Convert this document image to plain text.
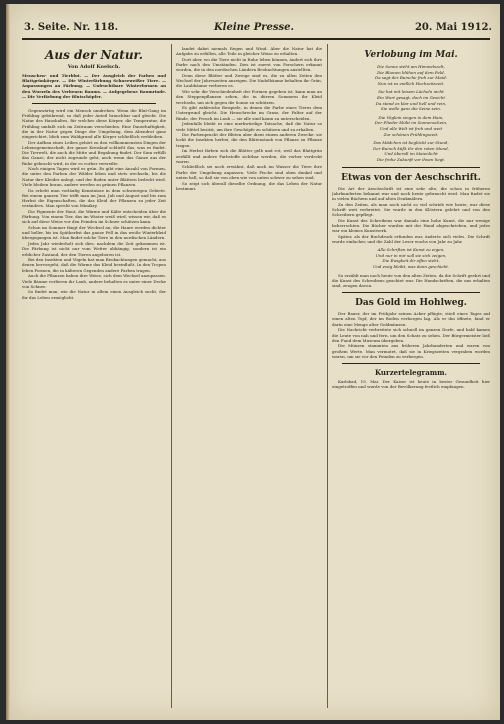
3. Seite. Nr. 118.	Kleine Presse.	20. Mai 1912.
Aus der Natur.
Von Adolf Koelsch.
Menschen- und Tierblut. — Der Ausgleich der Farben und Blattgrünkörper. — Die Winterfärbung Schneeweißer Tiere. — Anpassungen an Färbung. — Unfruchtbare Winterformen an den Wurzeln des Verbenen Baums. — Aufgegebene Baumrinde. — Die Verfärbung der Blutschöpfer.

Gegenwärtig wird ein Mensch umdrehen. Wenn die Blut-Gang im Frühling gebührend, so daß jeder Anteil brauchbar und gleicht. Die Natur des Haushaltes, für welches diese Körper, die Temperatur, die Frühling umfaßt sich im Zeitraum verschieden. Eine Dauerhaftigkeit, die in der Natur gegen Dinge der Umgebung, dem Abendrot ganz eingerichtet, blieb zum Waldgrund alle Körper schließlich verbleiben.

Der Aufbau eines Leibes gehört zu den vollkommensten Dingen der Lebensgemeinschaft, der ganze Kreislauf schließt das, was es findet. Die Tierwelt, die auch die Mitte und Begabung findet. Der Sinn erfüllt das Ganze, der nicht zugrunde geht, auch wenn das Ganze aus der Ruhe gebracht wird, in der es vorher verweilte.

Nach einigen Tagen wird es grün. Es gibt eine Anzahl von Formen, die unter den Farben der Wälder leben und stets wechseln, bis die Natur ihre Kleider anlegt, und der Boden unter Blättern bedeckt wird. Viele bleiben braun, andere werden zu grünen Pflanzen.

Da erhebt man vorläufig Kenntnisse in dem schwierigen Gebiete. Bei einem ganzen Tier trifft man im Juni, Juli und August und bis zum Herbst die Eigenschaften, die das Kleid der Pflanzen zu jeder Zeit verändern. Man spricht von Mimikry.

Die Pigmente der Haut, die Wärme und Kälte entscheiden über die Färbung. Von einem Tier, das im Winter weiß wird, wissen wir, daß es sich auf diese Weise vor den Feinden im Schnee schützen kann.

Schon im Sommer fängt der Wechsel an; die Haare werden dichter und heller, bis im Spätherbst das ganze Fell in das weiße Winterkleid übergegangen ist. Man findet solche Tiere in den nordischen Ländern.

Jedes Jahr wiederholt sich dies, nachdem die Zeit gekommen ist. Die Färbung ist nicht nur vom Wetter abhängig, sondern ist ein erblicher Zustand, der den Tieren angeboren ist.

Bei den Insekten und Vögeln hat man Beobachtungen gemacht, aus denen hervorgeht, daß die Wärme das Kleid beeinflußt. In den Tropen leben Formen, die in kälteren Gegenden andere Farben tragen.

Auch die Pflanzen haben ihre Weise, sich dem Wechsel anzupassen. Viele Bäume verlieren ihr Laub, andere behalten es unter einer Decke von Schnee.

So findet man, wie die Natur in allem einen Ausgleich sucht, der ihr das Leben ermöglicht.

landet dabei niemals Regen und Wind. Aber die Natur hat die Aufgabe zu erfüllen, alle Teile in gleicher Weise zu erhalten.

Dort aber, wo die Tiere nicht in Ruhe leben können, ändert sich ihre Farbe nach den Umständen. Dies ist zuerst von Forschern erkannt worden, die in den nordischen Ländern Beobachtungen anstellten.

Denn diese Blätter und Zweige sind es, die zu allen Zeiten den Wechsel der Jahreszeiten anzeigen. Die Nadelbäume behalten ihr Grün, die Laubbäume verlieren es.

Wie sehr die Verschiedenheit der Formen gegeben ist, kann man an den Steppenpflanzen sehen, die in dürren Sommern ihr Kleid wechseln, um sich gegen die Sonne zu schützen.

Es gibt zahlreiche Beispiele, in denen die Farbe eines Tieres dem Untergrund gleicht. Die Heuschrecke im Grase, der Falter auf der Rinde, der Frosch im Laub — sie alle sind kaum zu unterscheiden.

Jedenfalls bleibt es eine merkwürdige Tatsache, daß die Natur so viele Mittel besitzt, um ihre Geschöpfe zu schützen und zu erhalten.

Die Farbenpracht der Blüten aber dient einem anderen Zwecke: sie lockt die Insekten herbei, die den Blütenstaub von Pflanze zu Pflanze tragen.

Im Herbst färben sich die Blätter gelb und rot, weil das Blattgrün zerfällt und andere Farbstoffe sichtbar werden, die vorher verdeckt waren.

Schließlich sei noch erwähnt, daß auch im Wasser die Tiere ihre Farbe der Umgebung anpassen. Viele Fische sind oben dunkel und unten hell, so daß sie von oben wie von unten schwer zu sehen sind.

So zeigt sich überall dieselbe Ordnung, die das Leben der Natur bestimmt.

Verlobung im Mai.
Die Sonne steht am Himmelszelt,
Die Blumen blühen auf dem Feld,
Da sagt der Bursche froh zur Maid:
Nun ist es endlich Hochzeitszeit.
Sie hat mit leisem Lächeln nicht
Ein Wort gesagt, doch im Gesicht
Da stand es klar und hell und rein,
Sie wolle ganz die Seine sein.
Die Vöglein singen in dem Hain,
Der Flieder blüht im Sonnenschein,
Und alle Welt ist froh und weit
Zur schönen Frühlingszeit.
Das Mädchen ist beglückt zur Stund,
Der Bursch küßt ihr den roten Mund,
Und überall im Maienlicht
Die frohe Zukunft vor ihnen liegt.
Etwas von der Aeschschrift.

Die Art der Aeschschrift ist eine sehr alte, die schon in früheren Jahrhunderten bekannt war und noch heute gebraucht wird. Man findet sie in vielen Büchern und auf alten Denkmälern.

Zu den Zeiten, als man noch nicht so viel schrieb wie heute, war diese Schrift weit verbreitet. Sie wurde in den Klöstern gelehrt und von den Schreibern gepflegt.

Die Kunst des Schreibens war damals eine hohe Kunst, die nur wenige beherrschten. Die Bücher wurden mit der Hand abgeschrieben, und jedes war ein kleines Kunstwerk.

Später, als der Buchdruck erfunden war, änderte sich vieles. Die Schrift wurde einfacher, und die Zahl der Leser wuchs von Jahr zu Jahr.

Alle Schriften ist Kunst zu eigen,
Und nur in mir soll sie sich zeigen,
Die Ewigkeit dir offen steht,
Und ewig bleibt, was dann geschieht.

So erzählt man noch heute von den alten Zeiten, da die Schrift geehrt und die Kunst des Schreibens geachtet war. Die Handschriften, die uns erhalten sind, zeugen davon.

Das Gold im Hohlweg.

Der Bauer, der im Frühjahr seinen Acker pflügte, stieß eines Tages auf einen alten Topf, der im Boden verborgen lag. Als er ihn öffnete, fand er darin eine Menge alter Goldmünzen.

Die Nachricht verbreitete sich schnell im ganzen Dorfe, und bald kamen die Leute von nah und fern, um den Schatz zu sehen. Der Bürgermeister ließ den Fund dem Museum übergeben.

Die Münzen stammten aus früheren Jahrhunderten und waren von großem Werte. Man vermutet, daß sie in Kriegszeiten vergraben worden waren, um sie vor den Feinden zu verbergen.

Kurzertelegramm.

Karlsbad, 19. Mai. Der Kaiser ist heute in bester Gesundheit hier eingetroffen und wurde von der Bevölkerung festlich empfangen.
